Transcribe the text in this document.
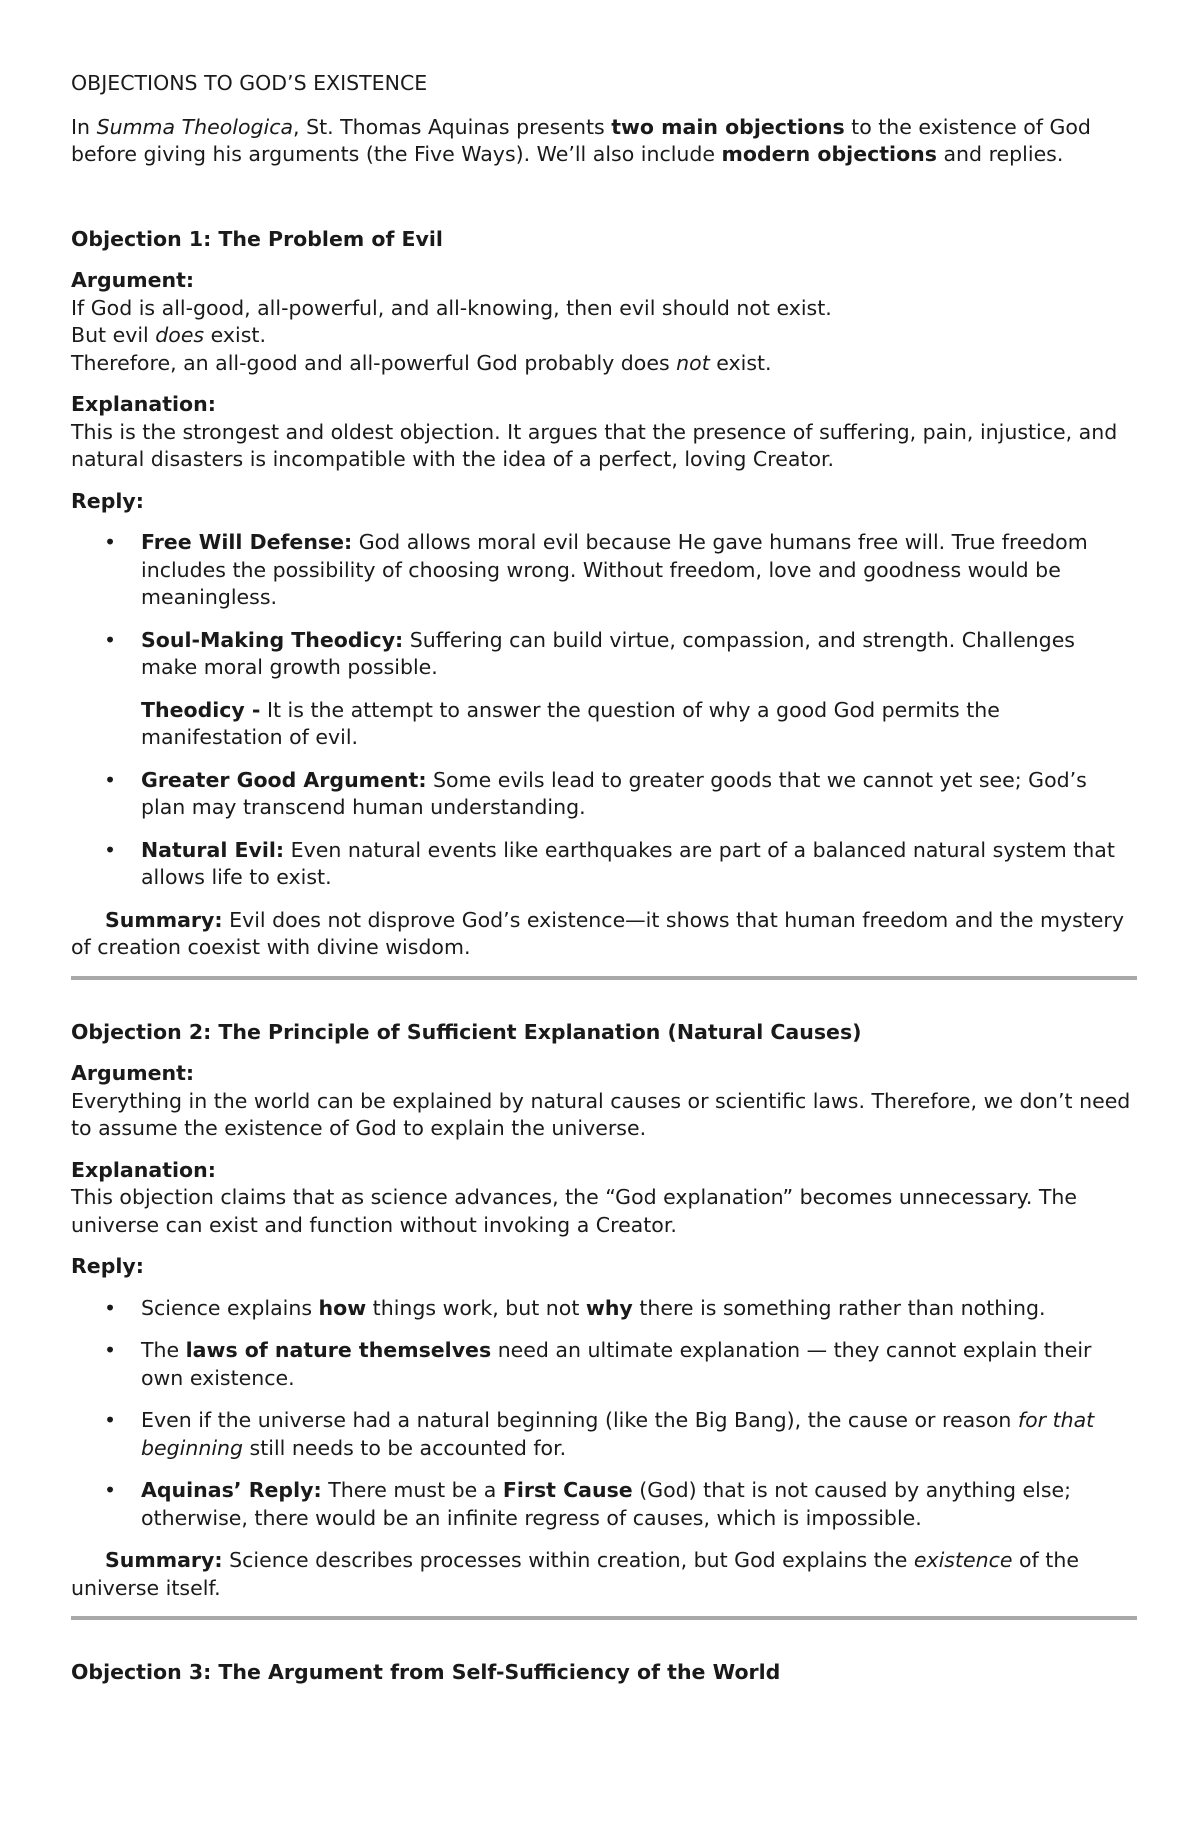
OBJECTIONS TO GOD’S EXISTENCE

In Summa Theologica, St. Thomas Aquinas presents two main objections to the existence of God before giving his arguments (the Five Ways). We’ll also include modern objections and replies.

Objection 1: The Problem of Evil

Argument:

If God is all-good, all-powerful, and all-knowing, then evil should not exist.

But evil does exist.

Therefore, an all-good and all-powerful God probably does not exist.

Explanation:

This is the strongest and oldest objection. It argues that the presence of suffering, pain, injustice, and natural disasters is incompatible with the idea of a perfect, loving Creator.

Reply:

• Free Will Defense: God allows moral evil because He gave humans free will. True freedom includes the possibility of choosing wrong. Without freedom, love and goodness would be meaningless.
• Soul-Making Theodicy: Suffering can build virtue, compassion, and strength. Challenges make moral growth possible.

Theodicy - It is the attempt to answer the question of why a good God permits the manifestation of evil.

• Greater Good Argument: Some evils lead to greater goods that we cannot yet see; God’s plan may transcend human understanding.
• Natural Evil: Even natural events like earthquakes are part of a balanced natural system that allows life to exist.

Summary: Evil does not disprove God’s existence—it shows that human freedom and the mystery of creation coexist with divine wisdom.

Objection 2: The Principle of Sufficient Explanation (Natural Causes)

Argument:

Everything in the world can be explained by natural causes or scientific laws. Therefore, we don’t need to assume the existence of God to explain the universe.

Explanation:

This objection claims that as science advances, the “God explanation” becomes unnecessary. The universe can exist and function without invoking a Creator.

Reply:

• Science explains how things work, but not why there is something rather than nothing.
• The laws of nature themselves need an ultimate explanation — they cannot explain their own existence.
• Even if the universe had a natural beginning (like the Big Bang), the cause or reason for that beginning still needs to be accounted for.
• Aquinas’ Reply: There must be a First Cause (God) that is not caused by anything else; otherwise, there would be an infinite regress of causes, which is impossible.

Summary: Science describes processes within creation, but God explains the existence of the universe itself.

Objection 3: The Argument from Self-Sufficiency of the World
